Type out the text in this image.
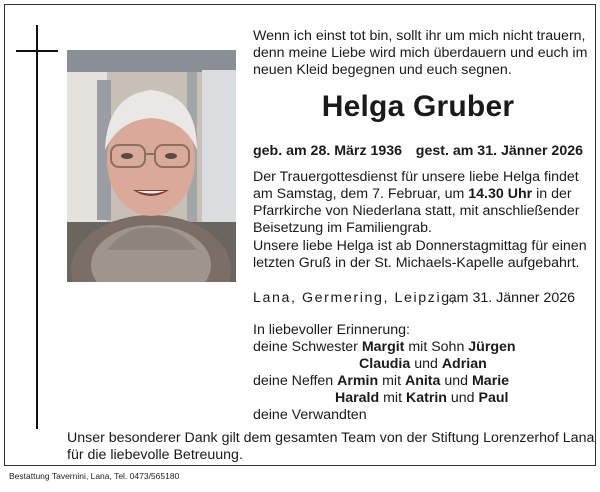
Wenn ich einst tot bin, sollt ihr um mich nicht trauern,
denn meine Liebe wird mich überdauern und euch im
neuen Kleid begegnen und euch segnen.
Helga Gruber
geb. am 28. März 1936 gest. am 31. Jänner 2026
Der Trauergottesdienst für unsere liebe Helga findet
am Samstag, dem 7. Februar, um 14.30 Uhr in der
Pfarrkirche von Niederlana statt, mit anschließender
Beisetzung im Familiengrab.
Unsere liebe Helga ist ab Donnerstagmittag für einen
letzten Gruß in der St. Michaels-Kapelle aufgebahrt.
Lana, Germering, Leipzig,
am 31. Jänner 2026
In liebevoller Erinnerung:
deine Schwester Margit mit Sohn Jürgen
Claudia und Adrian
deine Neffen Armin mit Anita und Marie
Harald mit Katrin und Paul
deine Verwandten
Unser besonderer Dank gilt dem gesamten Team von der Stiftung Lorenzerhof Lana
für die liebevolle Betreuung.
Bestattung Tavernini, Lana, Tel. 0473/565180
